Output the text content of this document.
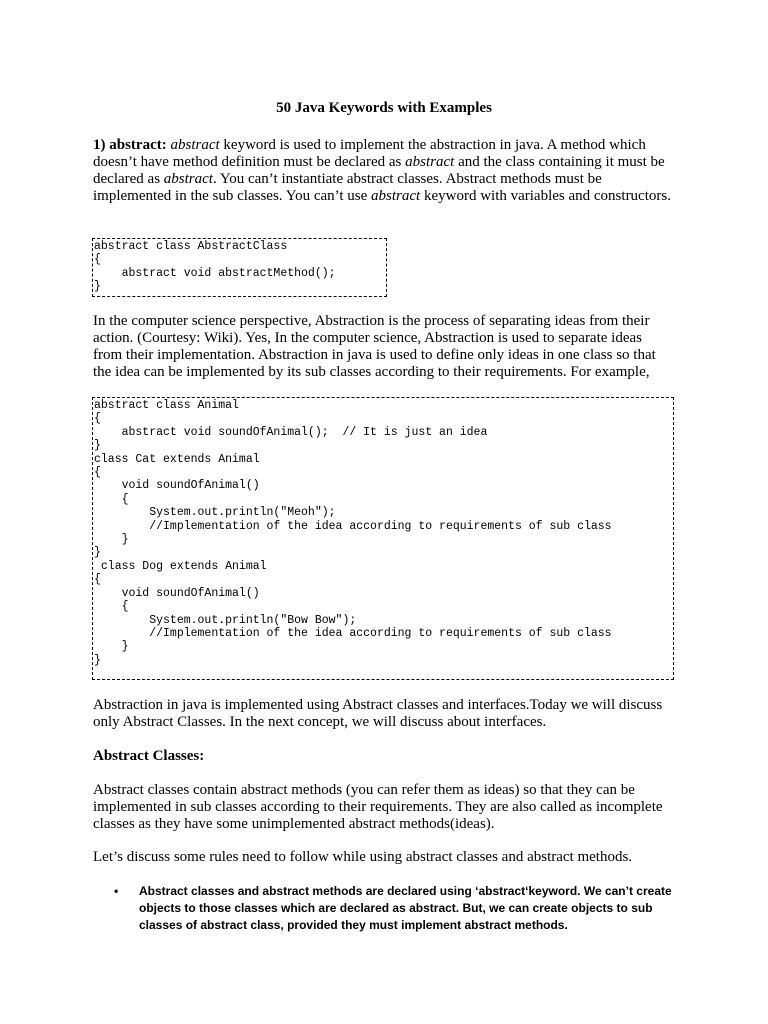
50 Java Keywords with Examples
1) abstract: abstract keyword is used to implement the abstraction in java. A method which doesn’t have method definition must be declared as abstract and the class containing it must be declared as abstract. You can’t instantiate abstract classes. Abstract methods must be implemented in the sub classes. You can’t use abstract keyword with variables and constructors.
abstract class AbstractClass
{
abstract void abstractMethod();
}
In the computer science perspective, Abstraction is the process of separating ideas from their action. (Courtesy: Wiki). Yes, In the computer science, Abstraction is used to separate ideas from their implementation. Abstraction in java is used to define only ideas in one class so that the idea can be implemented by its sub classes according to their requirements. For example,
abstract class Animal
{
abstract void soundOfAnimal();  // It is just an idea
}
class Cat extends Animal
{
void soundOfAnimal()
{
System.out.println("Meoh");
//Implementation of the idea according to requirements of sub class
}
}
class Dog extends Animal
{
void soundOfAnimal()
{
System.out.println("Bow Bow");
//Implementation of the idea according to requirements of sub class
}
}
Abstraction in java is implemented using Abstract classes and interfaces.Today we will discuss only Abstract Classes. In the next concept, we will discuss about interfaces.
Abstract Classes:
Abstract classes contain abstract methods (you can refer them as ideas) so that they can be implemented in sub classes according to their requirements. They are also called as incomplete classes as they have some unimplemented abstract methods(ideas).
Let’s discuss some rules need to follow while using abstract classes and abstract methods.
• Abstract classes and abstract methods are declared using ‘abstract‘keyword. We can’t create objects to those classes which are declared as abstract. But, we can create objects to sub classes of abstract class, provided they must implement abstract methods.
